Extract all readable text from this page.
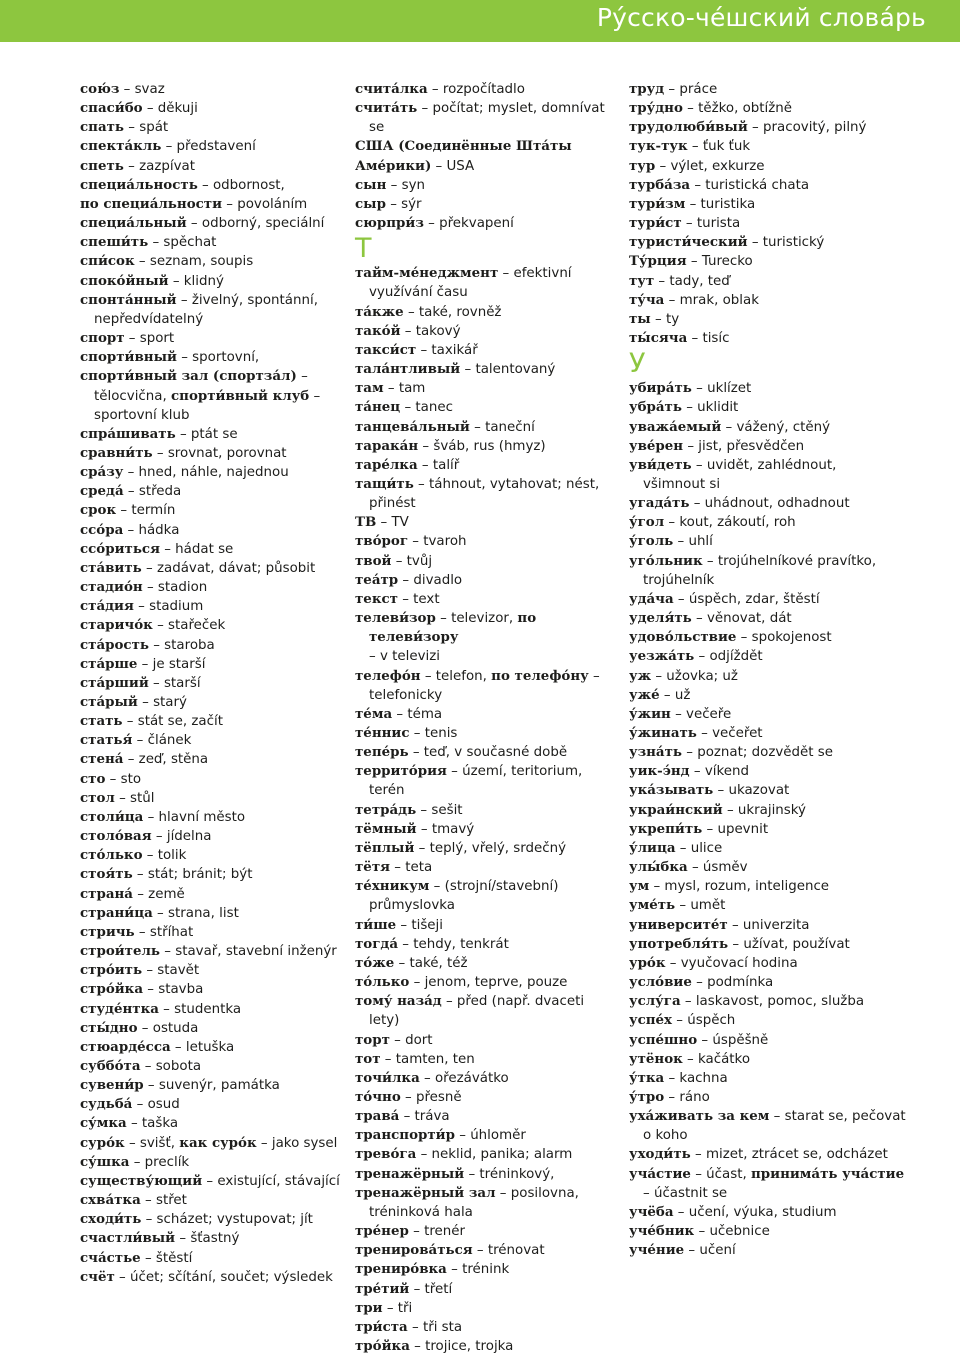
Ру́сско-че́шский слова́рь
сою́з – svaz
спаси́бо – děkuji
спать – spát
спекта́кль – představení
спеть – zazpívat
специа́льность – odbornost,
по специа́льности – povoláním
специа́льный – odborný, speciální
спеши́ть – spěchat
спи́сок – seznam, soupis
споко́йный – klidný
спонта́нный – živelný, spontánní,
nepředvídatelný
спорт – sport
спорти́вный – sportovní,
спорти́вный зал (спортза́л) –
tělocvična, спорти́вный клуб –
sportovní klub
спра́шивать – ptát se
сравни́ть – srovnat, porovnat
сра́зу – hned, náhle, najednou
среда́ – středa
срок – termín
ссо́ра – hádka
ссо́риться – hádat se
ста́вить – zadávat, dávat; působit
стадио́н – stadion
ста́дия – stadium
старичо́к – stařeček
ста́рость – staroba
ста́рше – je starší
ста́рший – starší
ста́рый – starý
стать – stát se, začít
статья́ – článek
стена́ – zeď, stěna
сто – sto
стол – stůl
столи́ца – hlavní město
столо́вая – jídelna
сто́лько – tolik
стоя́ть – stát; bránit; být
страна́ – země
страни́ца – strana, list
стричь – stříhat
строи́тель – stavař, stavební inženýr
стро́ить – stavět
стро́йка – stavba
студе́нтка – studentka
сты́дно – ostuda
стюарде́сса – letuška
суббо́та – sobota
сувени́р – suvenýr, památka
судьба́ – osud
су́мка – taška
суро́к – svišť, как суро́к – jako sysel
су́шка – preclík
существу́ющий – existující, stávající
схва́тка – střet
сходи́ть – scházet; vystupovat; jít
счастли́вый – šťastný
сча́стье – štěstí
счёт – účet; sčítání, součet; výsledek
счита́лка – rozpočítadlo
счита́ть – počítat; myslet, domnívat se
США (Соединённые Шта́ты
Аме́рики) – USA
сын – syn
сыр – sýr
сюрпри́з – překvapení
Т
тайм-ме́неджмент – efektivní
využívání času
та́кже – také, rovněž
тако́й – takový
такси́ст – taxikář
тала́нтливый – talentovaný
там – tam
та́нец – tanec
танцева́льный – taneční
тарака́н – šváb, rus (hmyz)
таре́лка – talíř
тащи́ть – táhnout, vytahovat; nést,
přinést
ТВ – TV
тво́рог – tvaroh
твой – tvůj
теа́тр – divadlo
текст – text
телеви́зор – televizor, по телеви́зору
– v televizi
телефо́н – telefon, по телефо́ну –
telefonicky
те́ма – téma
те́ннис – tenis
тепе́рь – teď, v současné době
террито́рия – území, teritorium, terén
тетра́дь – sešit
тёмный – tmavý
тёплый – teplý, vřelý, srdečný
тётя – teta
те́хникум – (strojní/stavební)
průmyslovka
ти́ше – tišeji
тогда́ – tehdy, tenkrát
то́же – také, též
то́лько – jenom, teprve, pouze
тому́ наза́д – před (např. dvaceti lety)
торт – dort
тот – tamten, ten
точи́лка – ořezávátko
то́чно – přesně
трава́ – tráva
транспорти́р – úhloměr
трево́га – neklid, panika; alarm
тренажёрный – tréninkový,
тренажёрный зал – posilovna,
tréninková hala
тре́нер – trenér
тренирова́ться – trénovat
трениро́вка – trénink
тре́тий – třetí
три – tři
три́ста – tři sta
тро́йка – trojice, trojka
труд – práce
тру́дно – těžko, obtížně
трудолюби́вый – pracovitý, pilný
тук-тук – ťuk ťuk
тур – výlet, exkurze
турба́за – turistická chata
тури́зм – turistika
тури́ст – turista
туристи́ческий – turistický
Ту́рция – Turecko
тут – tady, teď
ту́ча – mrak, oblak
ты – ty
ты́сяча – tisíc
У
убира́ть – uklízet
убра́ть – uklidit
уважа́емый – vážený, ctěný
уве́рен – jist, přesvědčen
уви́деть – uvidět, zahlédnout,
všimnout si
угада́ть – uhádnout, odhadnout
у́гол – kout, zákoutí, roh
у́голь – uhlí
уго́льник – trojúhelníkové pravítko,
trojúhelník
уда́ча – úspěch, zdar, štěstí
уделя́ть – věnovat, dát
удово́льствие – spokojenost
уезжа́ть – odjíždět
уж – užovka; už
уже́ – už
у́жин – večeře
у́жинать – večeřet
узна́ть – poznat; dozvědět se
уик-э́нд – víkend
ука́зывать – ukazovat
украи́нский – ukrajinský
укрепи́ть – upevnit
у́лица – ulice
улы́бка – úsměv
ум – mysl, rozum, inteligence
уме́ть – umět
университе́т – univerzita
употребля́ть – užívat, používat
уро́к – vyučovací hodina
усло́вие – podmínka
услу́га – laskavost, pomoc, služba
успе́х – úspěch
успе́шно – úspěšně
утёнок – kačátko
у́тка – kachna
у́тро – ráno
уха́живать за кем – starat se, pečovat
o koho
уходи́ть – mizet, ztrácet se, odcházet
уча́стие – účast, принима́ть уча́стие
– účastnit se
учёба – učení, výuka, studium
уче́бник – učebnice
уче́ние – učení
